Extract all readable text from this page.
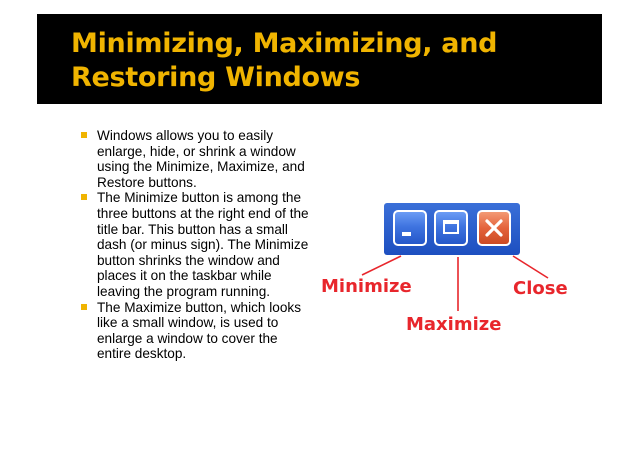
Minimizing, Maximizing, and
Restoring Windows
Windows allows you to easily enlarge, hide, or shrink a window using the Minimize, Maximize, and Restore buttons.
The Minimize button is among the three buttons at the right end of the title bar. This button has a small dash (or minus sign). The Minimize button shrinks the window and places it on the taskbar while leaving the program running.
The Maximize button, which looks like a small window, is used to enlarge a window to cover the entire desktop.
Minimize
Maximize
Close
